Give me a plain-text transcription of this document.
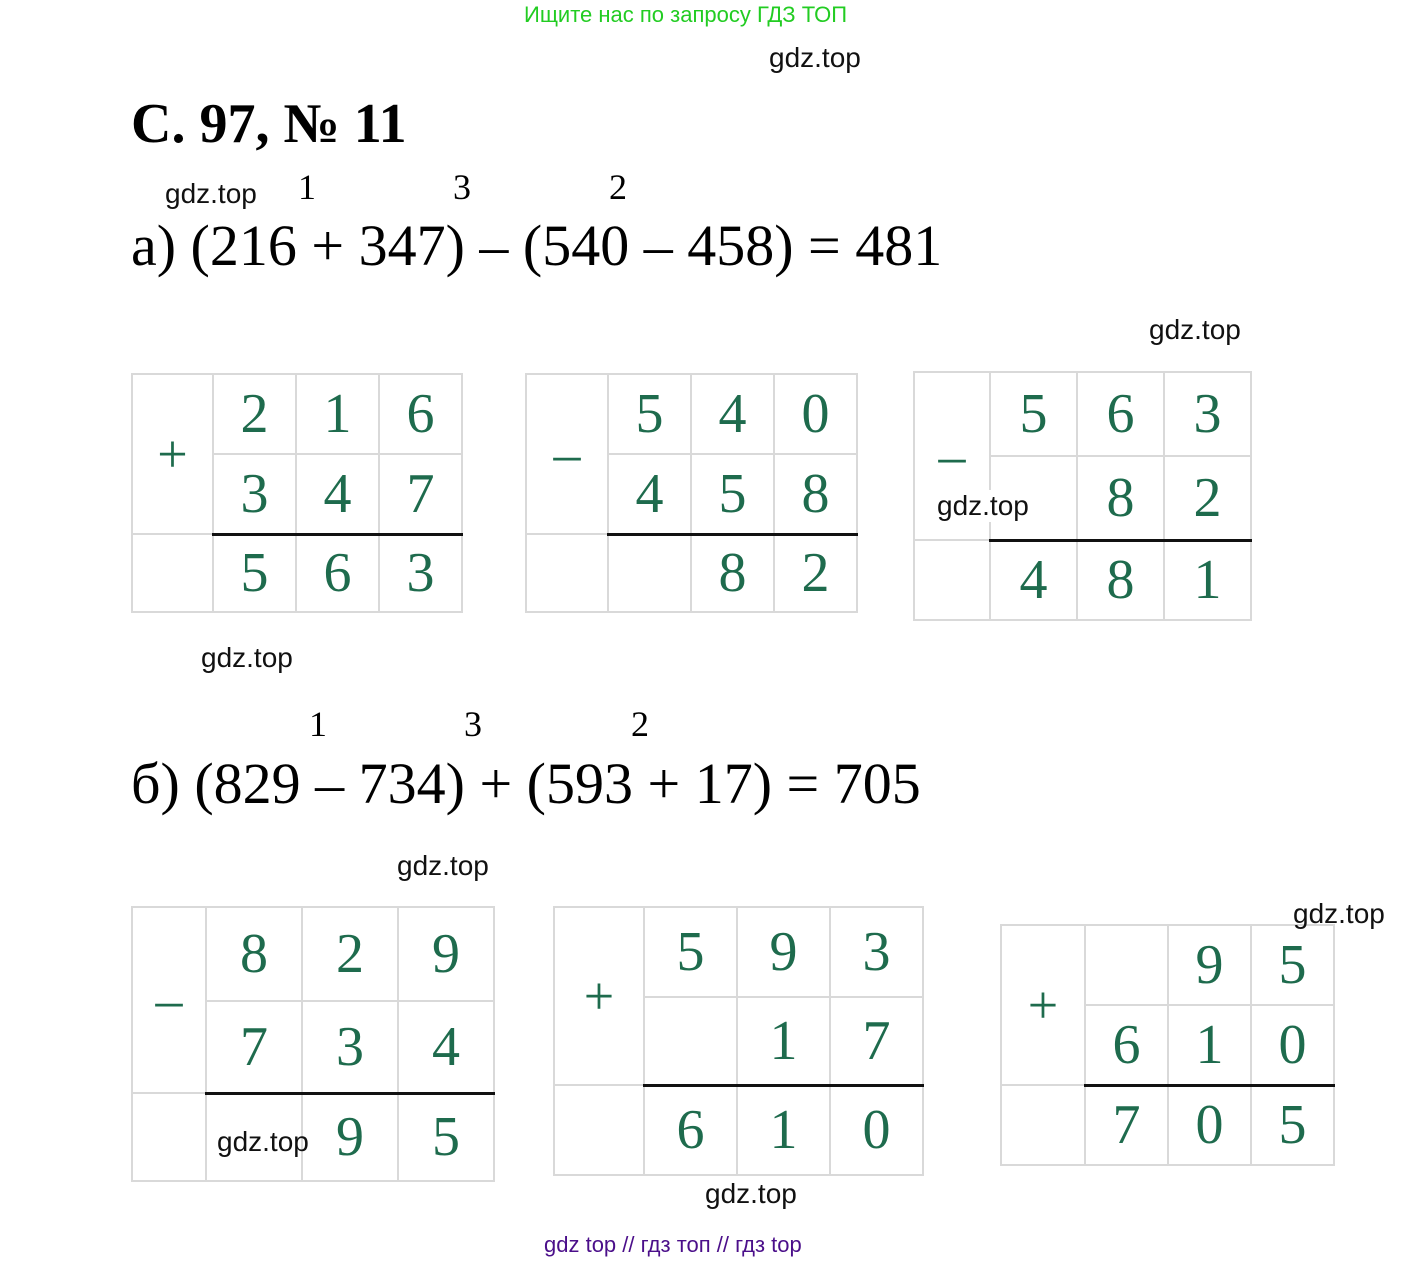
Ищите нас по запросу ГДЗ ТОП
gdz.top
С. 97, № 11
gdz.top 1	3	2
а) (216 + 347) – (540 – 458) = 481
gdz.top
+	2	1	6
	3	4	7
	5	6	3
–	5	4	0
	4	5	8
		8	2
–	5	6	3
		8	2
	4	8	1
gdz.top
gdz.top
1	3	2
б) (829 – 734) + (593 + 17) = 705
gdz.top
–	8	2	9
	7	3	4
		9	5
gdz.top
+	5	9	3
		1	7
	6	1	0
gdz.top
+		9	5
	6	1	0
	7	0	5
gdz.top
gdz top // гдз топ // гдз top
